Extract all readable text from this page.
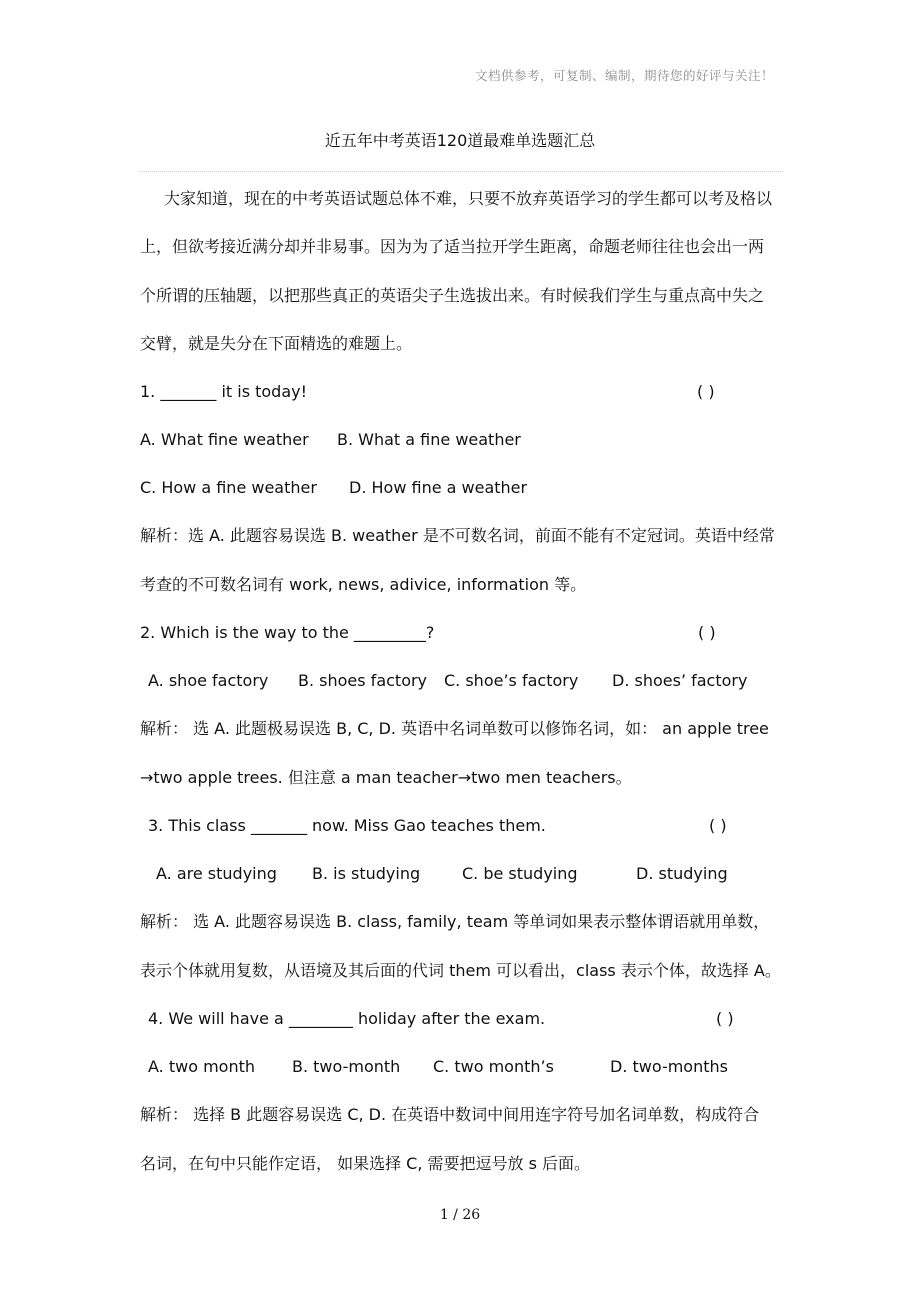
文档供参考，可复制、编制，期待您的好评与关注！
近五年中考英语120道最难单选题汇总
大家知道，现在的中考英语试题总体不难，只要不放弃英语学习的学生都可以考及格以
上，但欲考接近满分却并非易事。因为为了适当拉开学生距离，命题老师往往也会出一两
个所谓的压轴题，以把那些真正的英语尖子生选拔出来。有时候我们学生与重点高中失之
交臂，就是失分在下面精选的难题上。
1. _______ it is today!	( )
A. What fine weather B. What a fine weather
C. How a fine weather D. How fine a weather
解析：选 A. 此题容易误选 B. weather 是不可数名词，前面不能有不定冠词。英语中经常
考查的不可数名词有 work, news, adivice, information 等。
2. Which is the way to the _________?	( )
A. shoe factory B. shoes factory C. shoe’s factory D. shoes’ factory
解析： 选 A. 此题极易误选 B, C, D. 英语中名词单数可以修饰名词，如： an apple tree
→two apple trees. 但注意 a man teacher→two men teachers。
3. This class _______ now. Miss Gao teaches them.	( )
A. are studying B. is studying	C. be studying	D. studying
解析： 选 A. 此题容易误选 B. class, family, team 等单词如果表示整体谓语就用单数，
表示个体就用复数，从语境及其后面的代词 them 可以看出，class 表示个体，故选择 A。
4. We will have a ________ holiday after the exam.	( )
A. two month B. two-month C. two month’s	D. two-months
解析： 选择 B 此题容易误选 C, D. 在英语中数词中间用连字符号加名词单数，构成符合
名词，在句中只能作定语， 如果选择 C, 需要把逗号放 s 后面。
1 / 26
